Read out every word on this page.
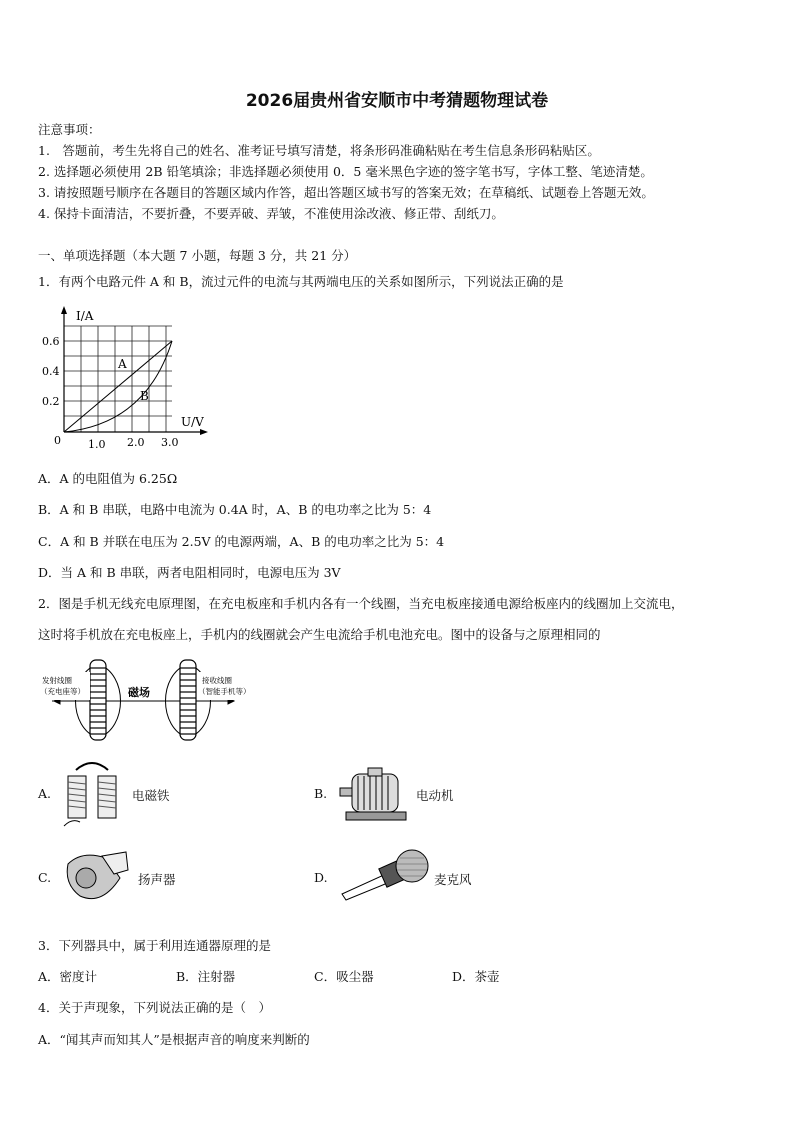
2026届贵州省安顺市中考猜题物理试卷
注意事项：
1.　答题前，考生先将自己的姓名、准考证号填写清楚，将条形码准确粘贴在考生信息条形码粘贴区。
2. 选择题必须使用 2B 铅笔填涂；非选择题必须使用 0．5 毫米黑色字迹的签字笔书写，字体工整、笔迹清楚。
3. 请按照题号顺序在各题目的答题区域内作答，超出答题区域书写的答案无效；在草稿纸、试题卷上答题无效。
4. 保持卡面清洁，不要折叠，不要弄破、弄皱，不准使用涂改液、修正带、刮纸刀。
一、单项选择题（本大题 7 小题，每题 3 分，共 21 分）
1．有两个电路元件 A 和 B，流过元件的电流与其两端电压的关系如图所示，下列说法正确的是
I/A
U/V
0
0.6
0.4
0.2
1.0 2.0 3.0
A
B
A．A 的电阻值为 6.25Ω
B．A 和 B 串联，电路中电流为 0.4A 时，A、B 的电功率之比为 5：4
C．A 和 B 并联在电压为 2.5V 的电源两端，A、B 的电功率之比为 5：4
D．当 A 和 B 串联，两者电阻相同时，电源电压为 3V
2．图是手机无线充电原理图，在充电板座和手机内各有一个线圈，当充电板座接通电源给板座内的线圈加上交流电，
这时将手机放在充电板座上，手机内的线圈就会产生电流给手机电池充电。图中的设备与之原理相同的
发射线圈
（充电座等）	磁场
接收线圈
（智能手机等）
A.	电磁铁	B.	电动机
C.	扬声器	D.	麦克风
3．下列器具中，属于利用连通器原理的是
A．密度计	B．注射器	C．吸尘器	D．茶壶
4．关于声现象，下列说法正确的是（　）
A．“闻其声而知其人”是根据声音的响度来判断的
